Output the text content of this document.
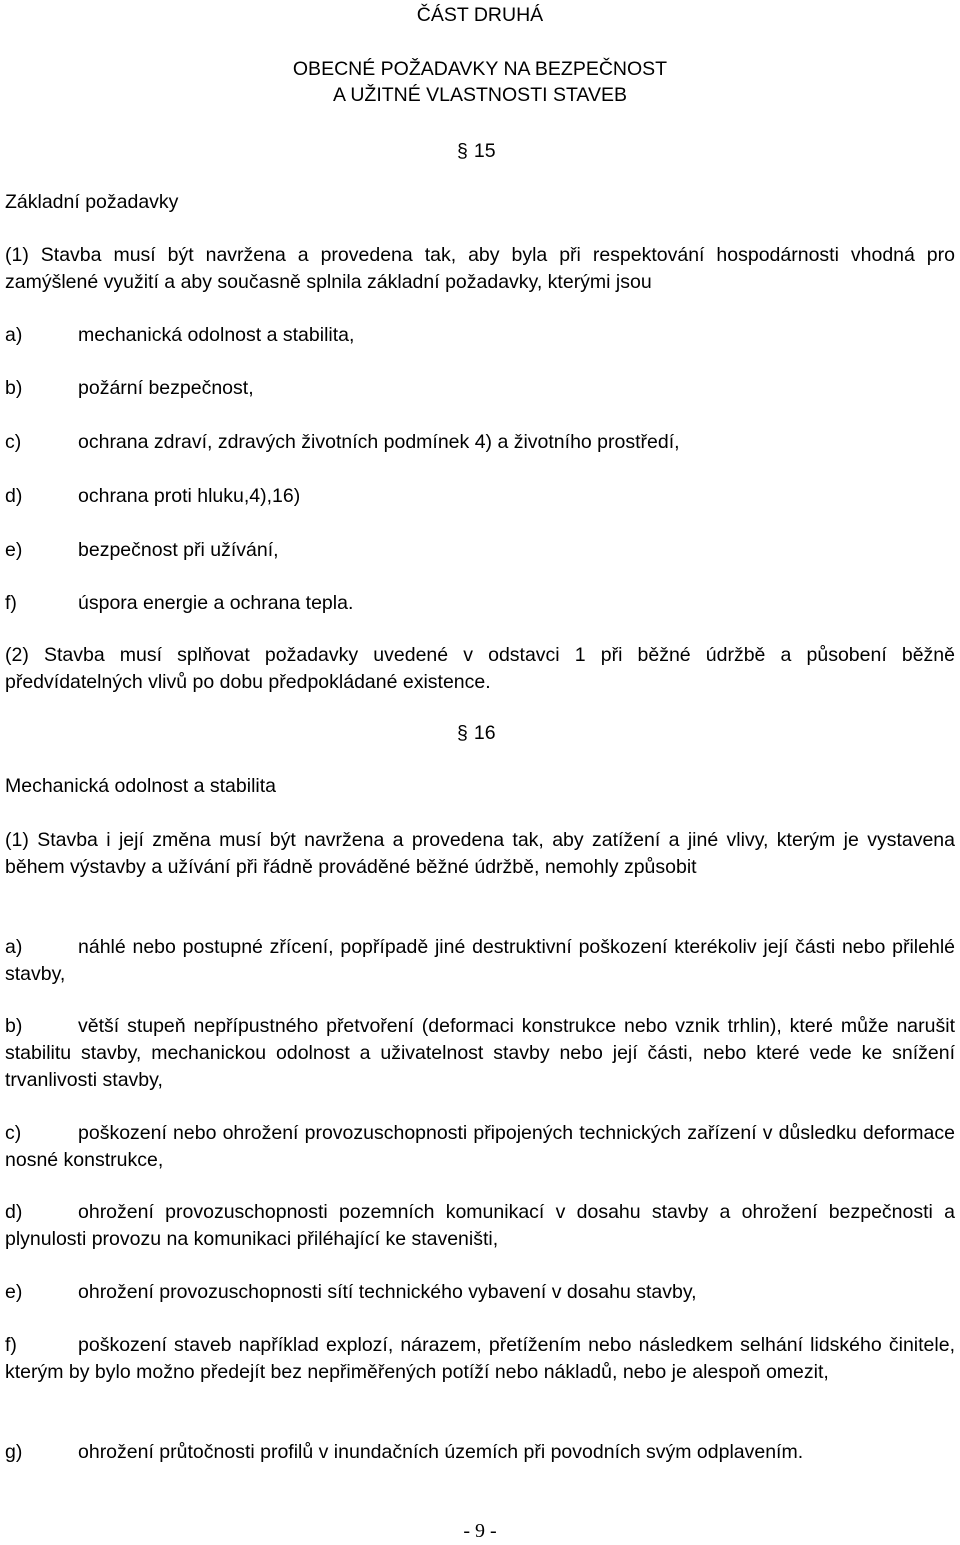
ČÁST DRUHÁ
OBECNÉ POŽADAVKY NA BEZPEČNOST
A UŽITNÉ VLASTNOSTI STAVEB
§ 15
Základní požadavky
(1) Stavba musí být navržena a provedena tak, aby byla při respektování hospodárnosti vhodná pro zamýšlené využití a aby současně splnila základní požadavky, kterými jsou
a)	mechanická odolnost a stabilita,
b)	požární bezpečnost,
c)	ochrana zdraví, zdravých životních podmínek 4) a životního prostředí,
d)	ochrana proti hluku,4),16)
e)	bezpečnost při užívání,
f)	úspora energie a ochrana tepla.
(2) Stavba musí splňovat požadavky uvedené v odstavci 1 při běžné údržbě a působení běžně předvídatelných vlivů po dobu předpokládané existence.
§ 16
Mechanická odolnost a stabilita
(1) Stavba i její změna musí být navržena a provedena tak, aby zatížení a jiné vlivy, kterým je vystavena během výstavby a užívání při řádně prováděné běžné údržbě, nemohly způsobit
a)	náhlé nebo postupné zřícení, popřípadě jiné destruktivní poškození kterékoliv její části nebo přilehlé stavby,
b)	větší stupeň nepřípustného přetvoření (deformaci konstrukce nebo vznik trhlin), které může narušit stabilitu stavby, mechanickou odolnost a uživatelnost stavby nebo její části, nebo které vede ke snížení trvanlivosti stavby,
c)	poškození nebo ohrožení provozuschopnosti připojených technických zařízení v důsledku deformace nosné konstrukce,
d)	ohrožení provozuschopnosti pozemních komunikací v dosahu stavby a ohrožení bezpečnosti a plynulosti provozu na komunikaci přiléhající ke staveništi,
e)	ohrožení provozuschopnosti sítí technického vybavení v dosahu stavby,
f)	poškození staveb například explozí, nárazem, přetížením nebo následkem selhání lidského činitele, kterým by bylo možno předejít bez nepřiměřených potíží nebo nákladů, nebo je alespoň omezit,
g)	ohrožení průtočnosti profilů v inundačních územích při povodních svým odplavením.
- 9 -
